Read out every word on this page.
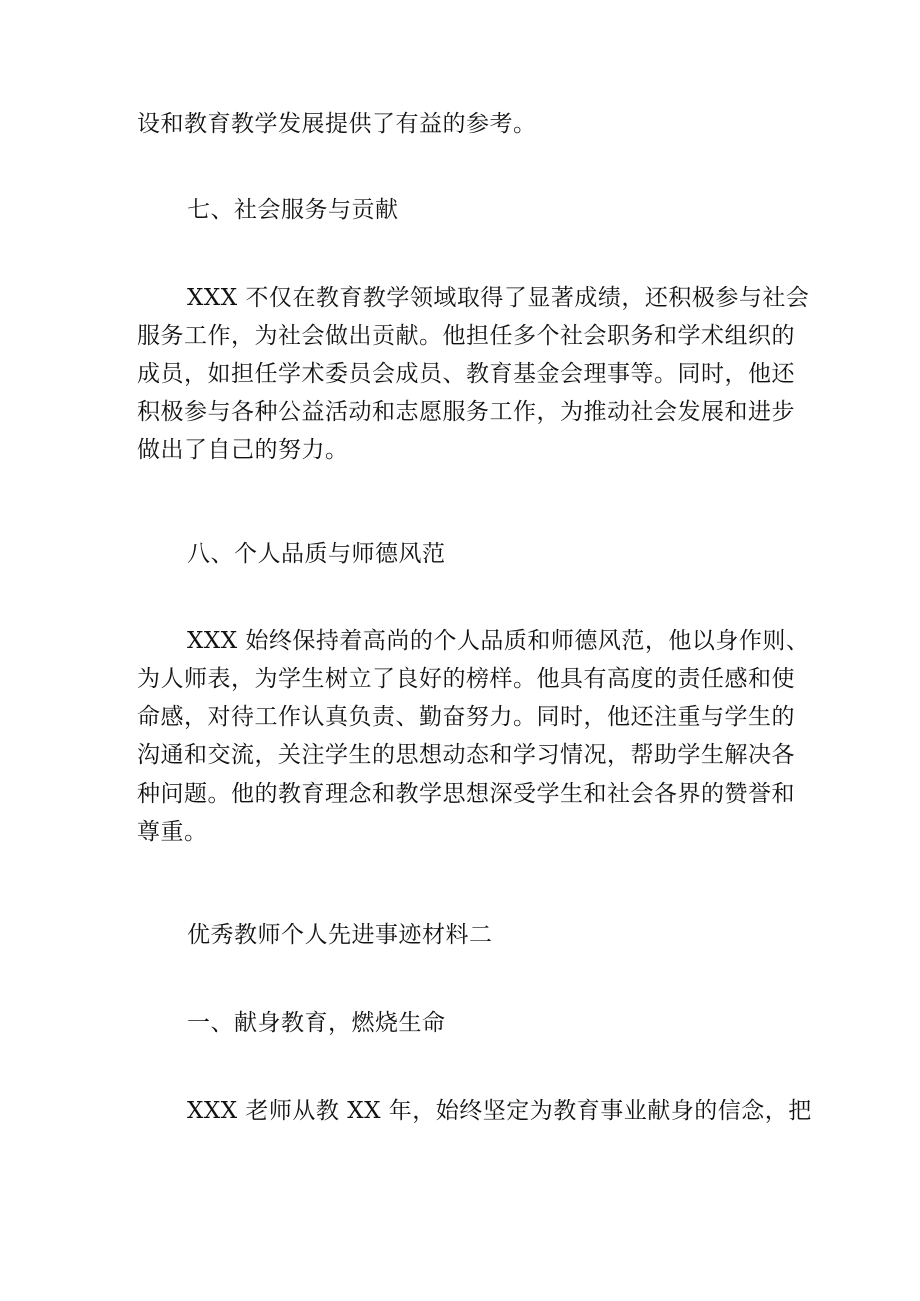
设和教育教学发展提供了有益的参考。
七、社会服务与贡献
XXX 不仅在教育教学领域取得了显著成绩，还积极参与社会
服务工作，为社会做出贡献。他担任多个社会职务和学术组织的
成员，如担任学术委员会成员、教育基金会理事等。同时，他还
积极参与各种公益活动和志愿服务工作，为推动社会发展和进步
做出了自己的努力。
八、个人品质与师德风范
XXX 始终保持着高尚的个人品质和师德风范，他以身作则、
为人师表，为学生树立了良好的榜样。他具有高度的责任感和使
命感，对待工作认真负责、勤奋努力。同时，他还注重与学生的
沟通和交流，关注学生的思想动态和学习情况，帮助学生解决各
种问题。他的教育理念和教学思想深受学生和社会各界的赞誉和
尊重。
优秀教师个人先进事迹材料二
一、献身教育，燃烧生命
XXX 老师从教 XX 年，始终坚定为教育事业献身的信念，把
